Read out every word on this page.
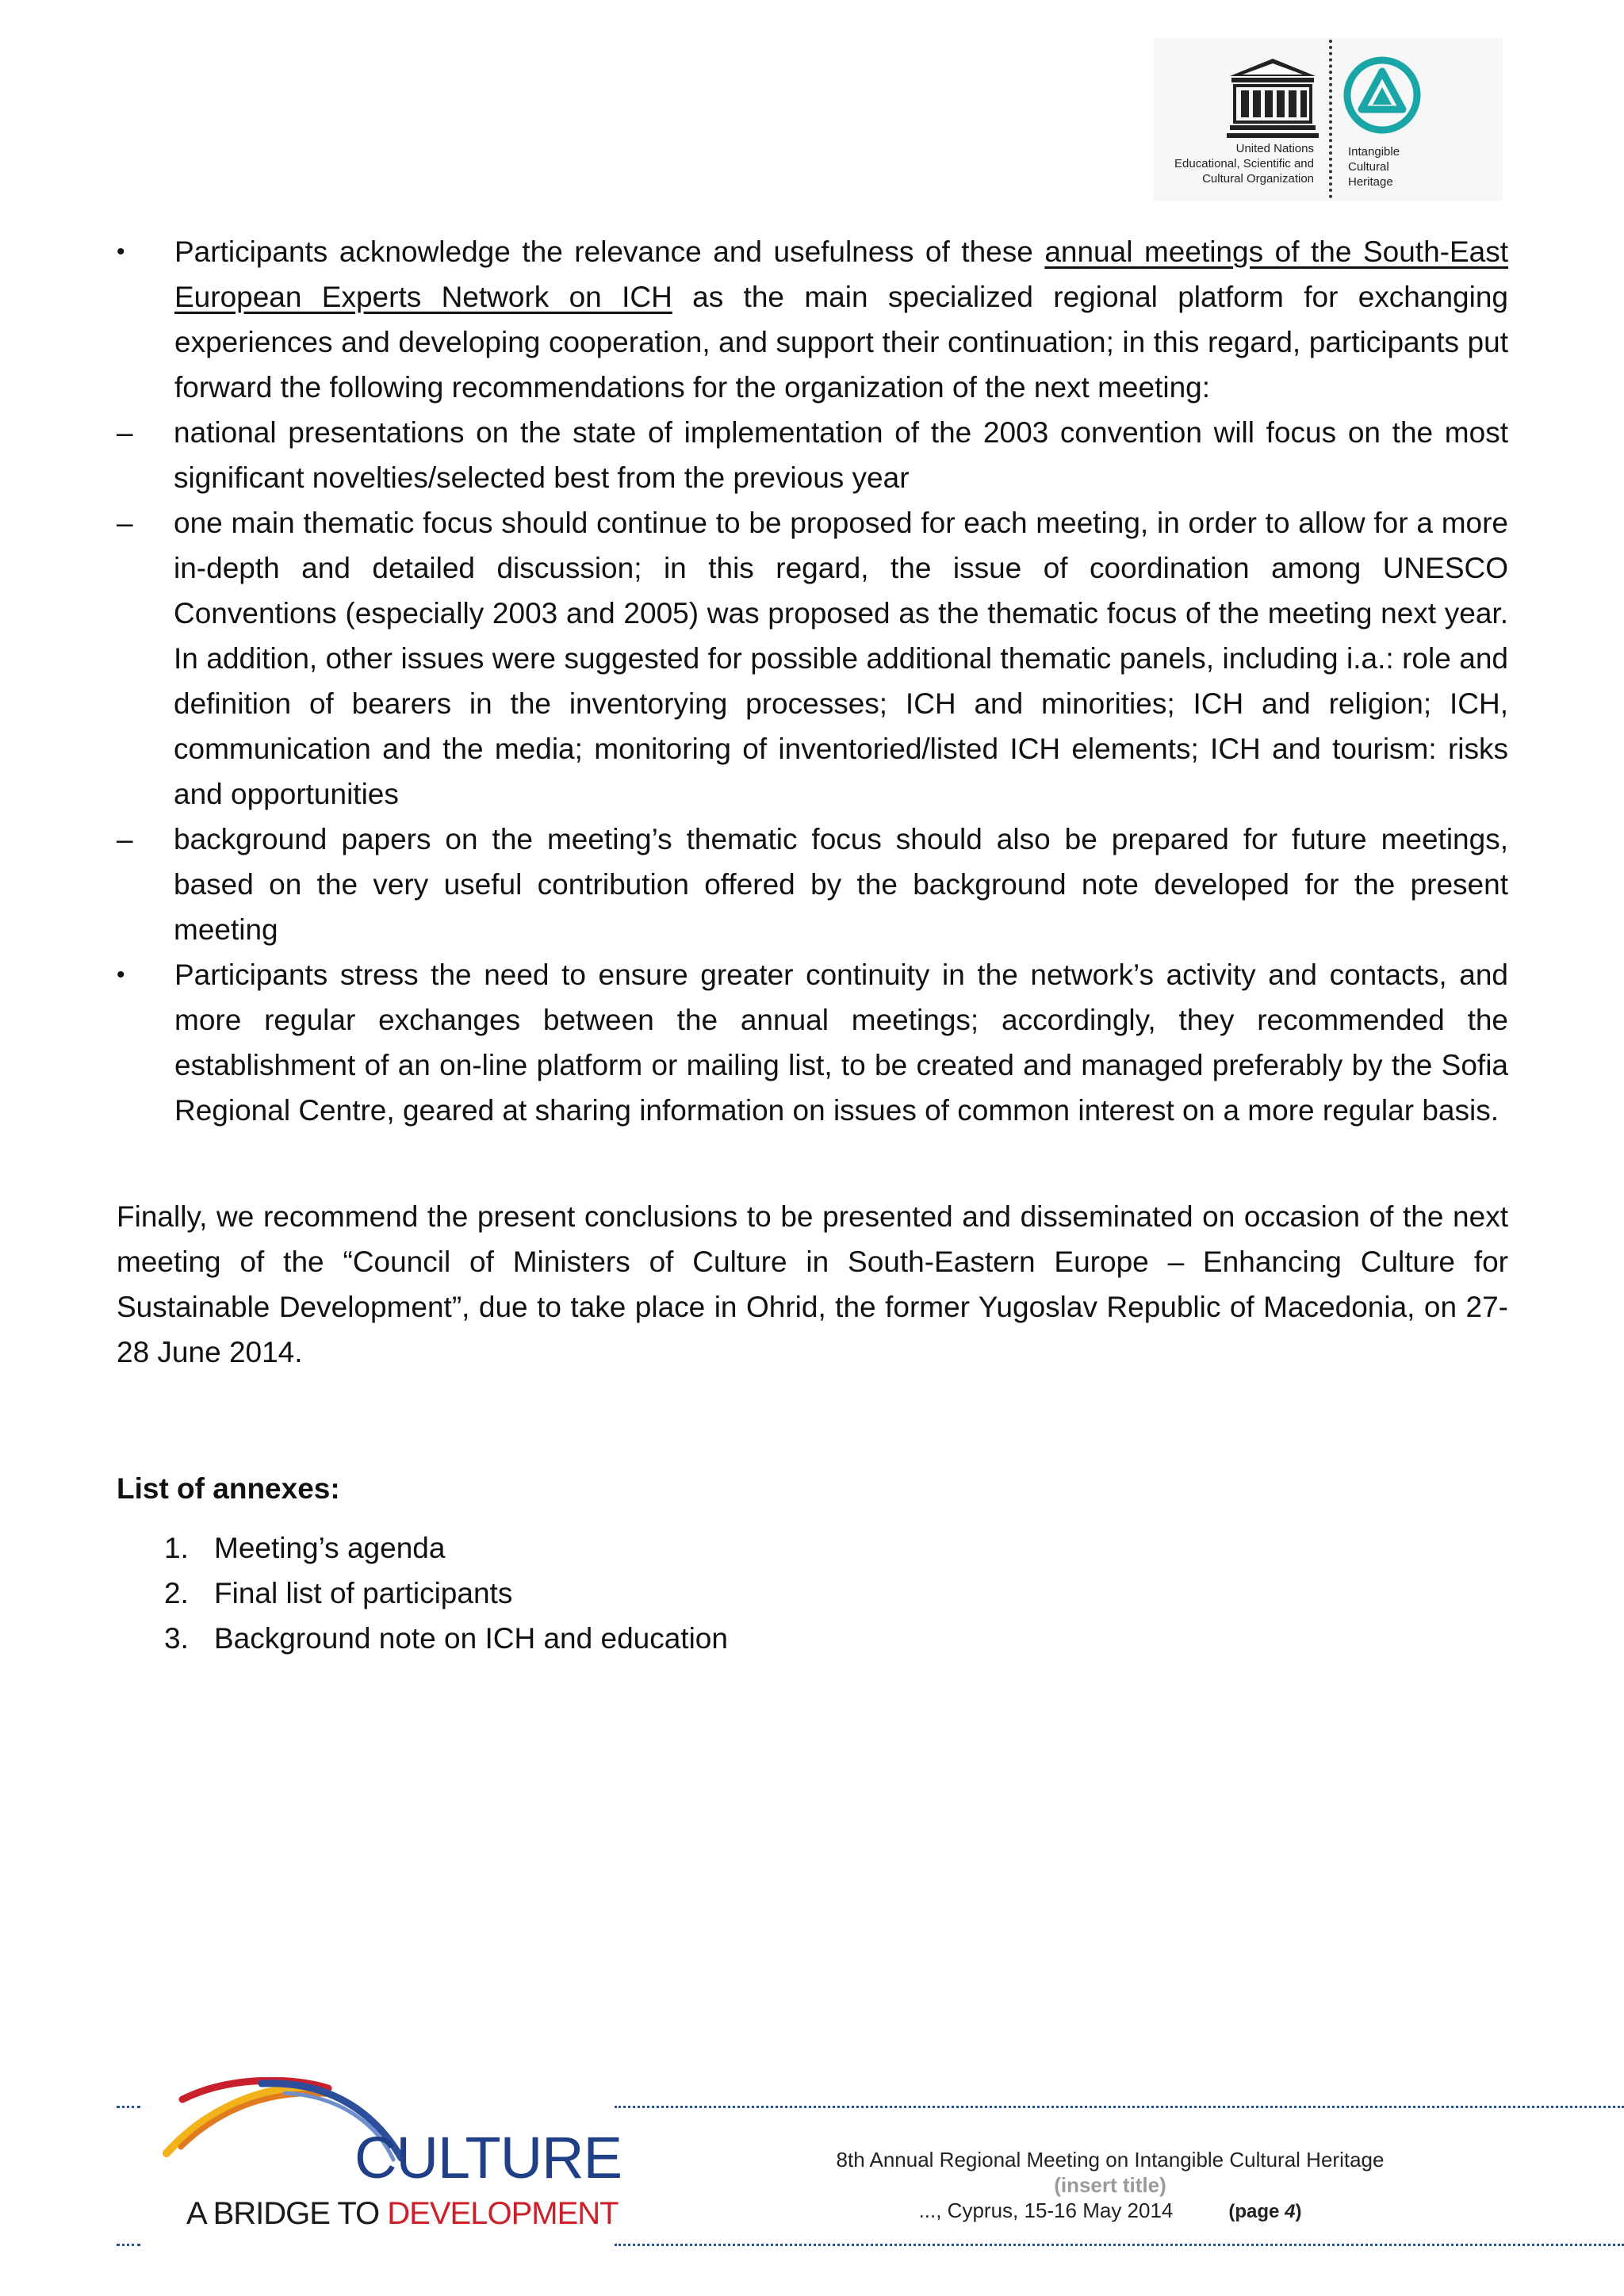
United Nations
Educational, Scientific and
Cultural Organization
Intangible
Cultural
Heritage
•	Participants acknowledge the relevance and usefulness of these annual meetings of the South-East European Experts Network on ICH as the main specialized regional platform for exchanging experiences and developing cooperation, and support their continuation; in this regard, participants put forward the following recommendations for the organization of the next meeting:
– national presentations on the state of implementation of the 2003 convention will focus on the most significant novelties/selected best from the previous year
– one main thematic focus should continue to be proposed for each meeting, in order to allow for a more in-depth and detailed discussion; in this regard, the issue of coordination among UNESCO Conventions (especially 2003 and 2005) was proposed as the thematic focus of the meeting next year. In addition, other issues were suggested for possible additional thematic panels, including i.a.: role and definition of bearers in the inventorying processes; ICH and minorities; ICH and religion; ICH, communication and the media; monitoring of inventoried/listed ICH elements; ICH and tourism: risks and opportunities
– background papers on the meeting’s thematic focus should also be prepared for future meetings, based on the very useful contribution offered by the background note developed for the present meeting
•	Participants stress the need to ensure greater continuity in the network’s activity and contacts, and more regular exchanges between the annual meetings; accordingly, they recommended the establishment of an on-line platform or mailing list, to be created and managed preferably by the Sofia Regional Centre, geared at sharing information on issues of common interest on a more regular basis.
Finally, we recommend the present conclusions to be presented and disseminated on occasion of the next meeting of the “Council of Ministers of Culture in South-Eastern Europe – Enhancing Culture for Sustainable Development”, due to take place in Ohrid, the former Yugoslav Republic of Macedonia, on 27-28 June 2014.
List of annexes:
1. Meeting’s agenda
2. Final list of participants
3. Background note on ICH and education
CULTURE
A BRIDGE TO DEVELOPMENT
8th Annual Regional Meeting on Intangible Cultural Heritage
(insert title)
..., Cyprus, 15-16 May 2014	(page 4)
